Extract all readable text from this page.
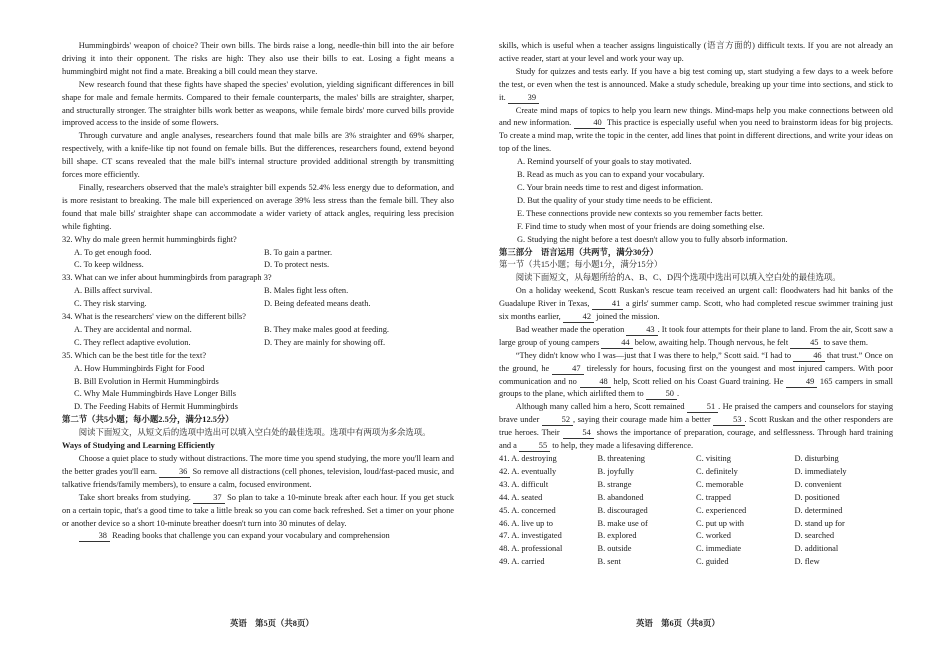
Hummingbirds' weapon of choice? Their own bills. The birds raise a long, needle-thin bill into the air before driving it into their opponent. The risks are high: They also use their bills to eat. Losing a fight means a hummingbird might not find a mate. Breaking a bill could mean they starve.

New research found that these fights have shaped the species' evolution, yielding significant differences in bill shape for male and female hermits. Compared to their female counterparts, the males' bills are straighter, sharper, and structurally stronger. The straighter bills work better as weapons, while female birds' more curved bills provide improved access to the inside of some flowers.

Through curvature and angle analyses, researchers found that male bills are 3% straighter and 69% sharper, respectively, with a knife-like tip not found on female bills. But the differences, researchers found, extend beyond bill shape. CT scans revealed that the male bill's internal structure provided additional strength by transmitting forces more efficiently.

Finally, researchers observed that the male's straighter bill expends 52.4% less energy due to deformation, and is more resistant to breaking. The male bill experienced on average 39% less stress than the female bill. They also found that male bills' straighter shape can accommodate a wider variety of attack angles, requiring less precision while fighting.

32. Why do male green hermit hummingbirds fight?

A. To get enough food.	B. To gain a partner.
C. To keep wildness.	D. To protect nests.

33. What can we infer about hummingbirds from paragraph 3?

A. Bills affect survival.	B. Males fight less often.
C. They risk starving.	D. Being defeated means death.

34. What is the researchers' view on the different bills?

A. They are accidental and normal.	B. They make males good at feeding.
C. They reflect adaptive evolution.	D. They are mainly for showing off.

35. Which can be the best title for the text?

A. How Hummingbirds Fight for Food

B. Bill Evolution in Hermit Hummingbirds

C. Why Male Hummingbirds Have Longer Bills

D. The Feeding Habits of Hermit Hummingbirds

第二节（共5小题；每小题2.5分，满分12.5分）

阅读下面短文，从短文后的选项中选出可以填入空白处的最佳选项。选项中有两项为多余选项。

Ways of Studying and Learning Efficiently

Choose a quiet place to study without distractions. The more time you spend studying, the more you'll learn and the better grades you'll earn.	36 So remove all distractions (cell phones, television, loud/fast-paced music, and talkative friends/family members), to ensure a calm, focused environment.

Take short breaks from studying.	37 So plan to take a 10-minute break after each hour. If you get stuck on a certain topic, that's a good time to take a little break so you can come back refreshed. Set a timer on your phone or another device so a short 10-minute breather doesn't turn into 30 minutes of delay.

38 Reading books that challenge you can expand your vocabulary and comprehension

skills, which is useful when a teacher assigns linguistically (语言方面的) difficult texts. If you are not already an active reader, start at your level and work your way up.

Study for quizzes and tests early. If you have a big test coming up, start studying a few days to a week before the test, or even when the test is announced. Make a study schedule, breaking up your time into sections, and stick to it.	39

Create mind maps of topics to help you learn new things. Mind-maps help you make connections between old and new information.	40 This practice is especially useful when you need to brainstorm ideas for big projects. To create a mind map, write the topic in the center, add lines that point in different directions, and write your ideas on top of the lines.

A. Remind yourself of your goals to stay motivated.

B. Read as much as you can to expand your vocabulary.

C. Your brain needs time to rest and digest information.

D. But the quality of your study time needs to be efficient.

E. These connections provide new contexts so you remember facts better.

F. Find time to study when most of your friends are doing something else.

G. Studying the night before a test doesn't allow you to fully absorb information.

第三部分　语言运用（共两节，满分30分）

第一节（共15小题；每小题1分，满分15分）

阅读下面短文，从每题所给的A、B、C、D四个选项中选出可以填入空白处的最佳选项。

On a holiday weekend, Scott Ruskan's rescue team received an urgent call: floodwaters had hit banks of the Guadalupe River in Texas,	41 a girls' summer camp. Scott, who had completed rescue swimmer training just six months earlier,	42 joined the mission.

Bad weather made the operation	43 . It took four attempts for their plane to land. From the air, Scott saw a large group of young campers	44 below, awaiting help. Though nervous, he felt	45 to save them.

“They didn't know who I was—just that I was there to help,” Scott said. “I had to	46 that trust.” Once on the ground, he	47 tirelessly for hours, focusing first on the youngest and most injured campers. With poor communication and no	48 help, Scott relied on his Coast Guard training. He	49 165 campers in small groups to the plane, which airlifted them to	50 .

Although many called him a hero, Scott remained	51 . He praised the campers and counselors for staying brave under	52 , saying their courage made him a better	53 . Scott Ruskan and the other responders are true heroes. Their	54 shows the importance of preparation, courage, and selflessness. Through hard training and a	55 to help, they made a lifesaving difference.

41. A. destroying	B. threatening	C. visiting	D. disturbing
42. A. eventually	B. joyfully	C. definitely	D. immediately
43. A. difficult	B. strange	C. memorable	D. convenient
44. A. seated	B. abandoned	C. trapped	D. positioned
45. A. concerned	B. discouraged	C. experienced	D. determined
46. A. live up to	B. make use of	C. put up with	D. stand up for
47. A. investigated	B. explored	C. worked	D. searched
48. A. professional	B. outside	C. immediate	D. additional
49. A. carried	B. sent	C. guided	D. flew
英语　第5页（共8页）	英语　第6页（共8页）
